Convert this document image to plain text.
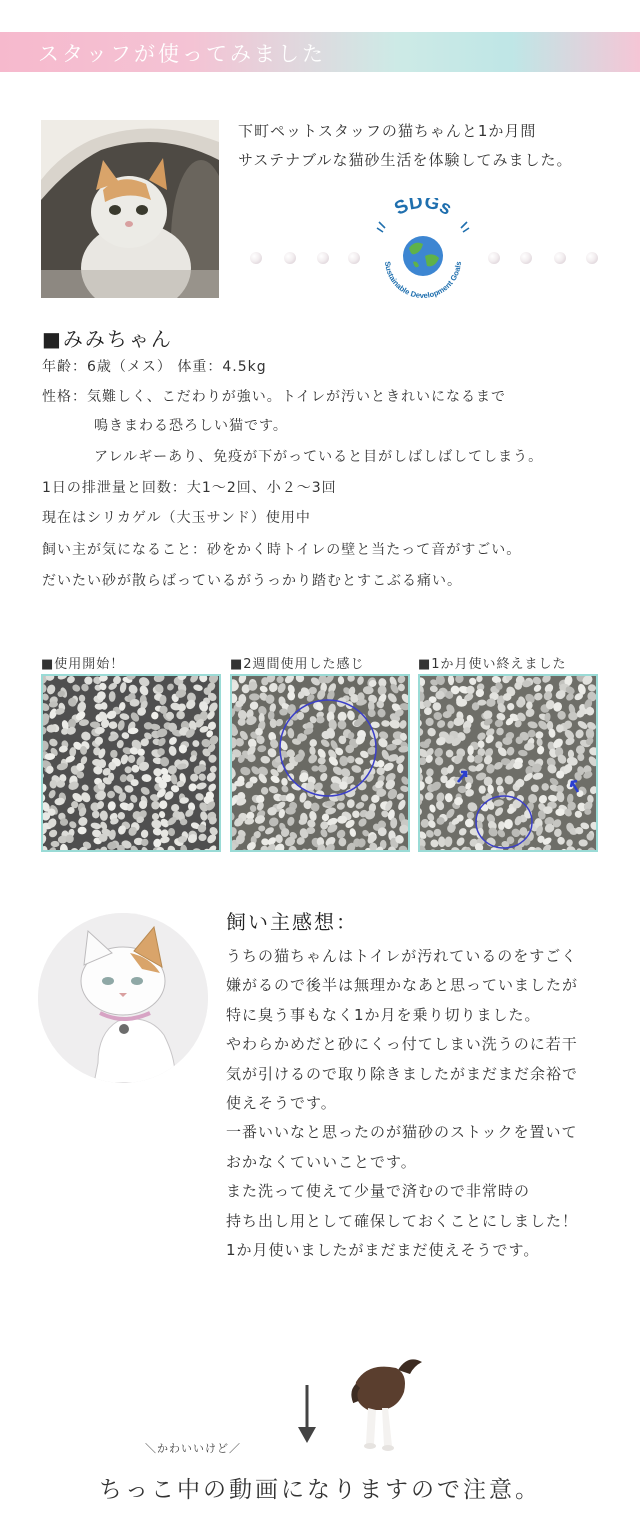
スタッフが使ってみました
下町ペットスタッフの猫ちゃんと1か月間
サステナブルな猫砂生活を体験してみました。
SDGs
Sustainable Development Goals
■みみちゃん
年齢：6歳（メス） 体重：4.5kg
性格：気難しく、こだわりが強い。トイレが汚いときれいになるまで
鳴きまわる恐ろしい猫です。
アレルギーあり、免疫が下がっていると目がしばしばしてしまう。
1日の排泄量と回数：大1～2回、小２～3回
現在はシリカゲル（大玉サンド）使用中
飼い主が気になること：砂をかく時トイレの壁と当たって音がすごい。
だいたい砂が散らばっているがうっかり踏むとすこぶる痛い。
■使用開始！	■2週間使用した感じ	■1か月使い終えました
飼い主感想：
うちの猫ちゃんはトイレが汚れているのをすごく
嫌がるので後半は無理かなあと思っていましたが
特に臭う事もなく1か月を乗り切りました。
やわらかめだと砂にくっ付てしまい洗うのに若干
気が引けるので取り除きましたがまだまだ余裕で
使えそうです。
一番いいなと思ったのが猫砂のストックを置いて
おかなくていいことです。
また洗って使えて少量で済むので非常時の
持ち出し用として確保しておくことにしました！
1か月使いましたがまだまだ使えそうです。
＼かわいいけど／
ちっこ中の動画になりますので注意。
